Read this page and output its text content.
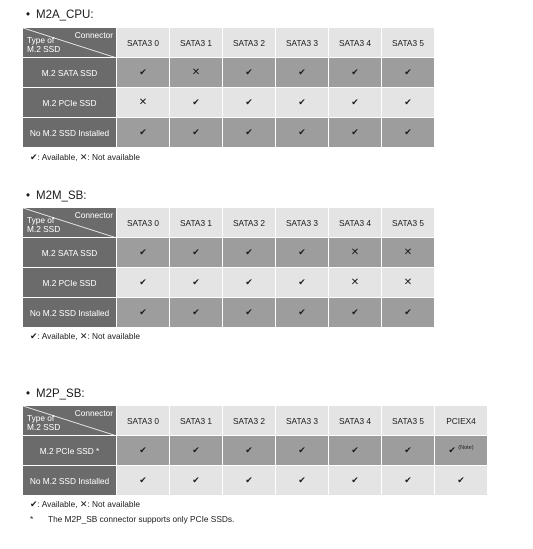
• M2A_CPU:
Connector
Type of
M.2 SSD	SATA3 0	SATA3 1	SATA3 2	SATA3 3	SATA3 4	SATA3 5
M.2 SATA SSD	✔	✕	✔	✔	✔	✔
M.2 PCIe SSD	✕	✔	✔	✔	✔	✔
No M.2 SSD Installed	✔	✔	✔	✔	✔	✔
✔: Available, ✕: Not available
• M2M_SB:
Connector
Type of
M.2 SSD	SATA3 0	SATA3 1	SATA3 2	SATA3 3	SATA3 4	SATA3 5
M.2 SATA SSD	✔	✔	✔	✔	✕	✕
M.2 PCIe SSD	✔	✔	✔	✔	✕	✕
No M.2 SSD Installed	✔	✔	✔	✔	✔	✔
✔: Available, ✕: Not available
• M2P_SB:
Connector
Type of
M.2 SSD	SATA3 0	SATA3 1	SATA3 2	SATA3 3	SATA3 4	SATA3 5	PCIEX4
M.2 PCIe SSD *	✔	✔	✔	✔	✔	✔	✔ $^{(Note)}$
No M.2 SSD Installed	✔	✔	✔	✔	✔	✔	✔
✔: Available, ✕: Not available
* The M2P_SB connector supports only PCIe SSDs.
